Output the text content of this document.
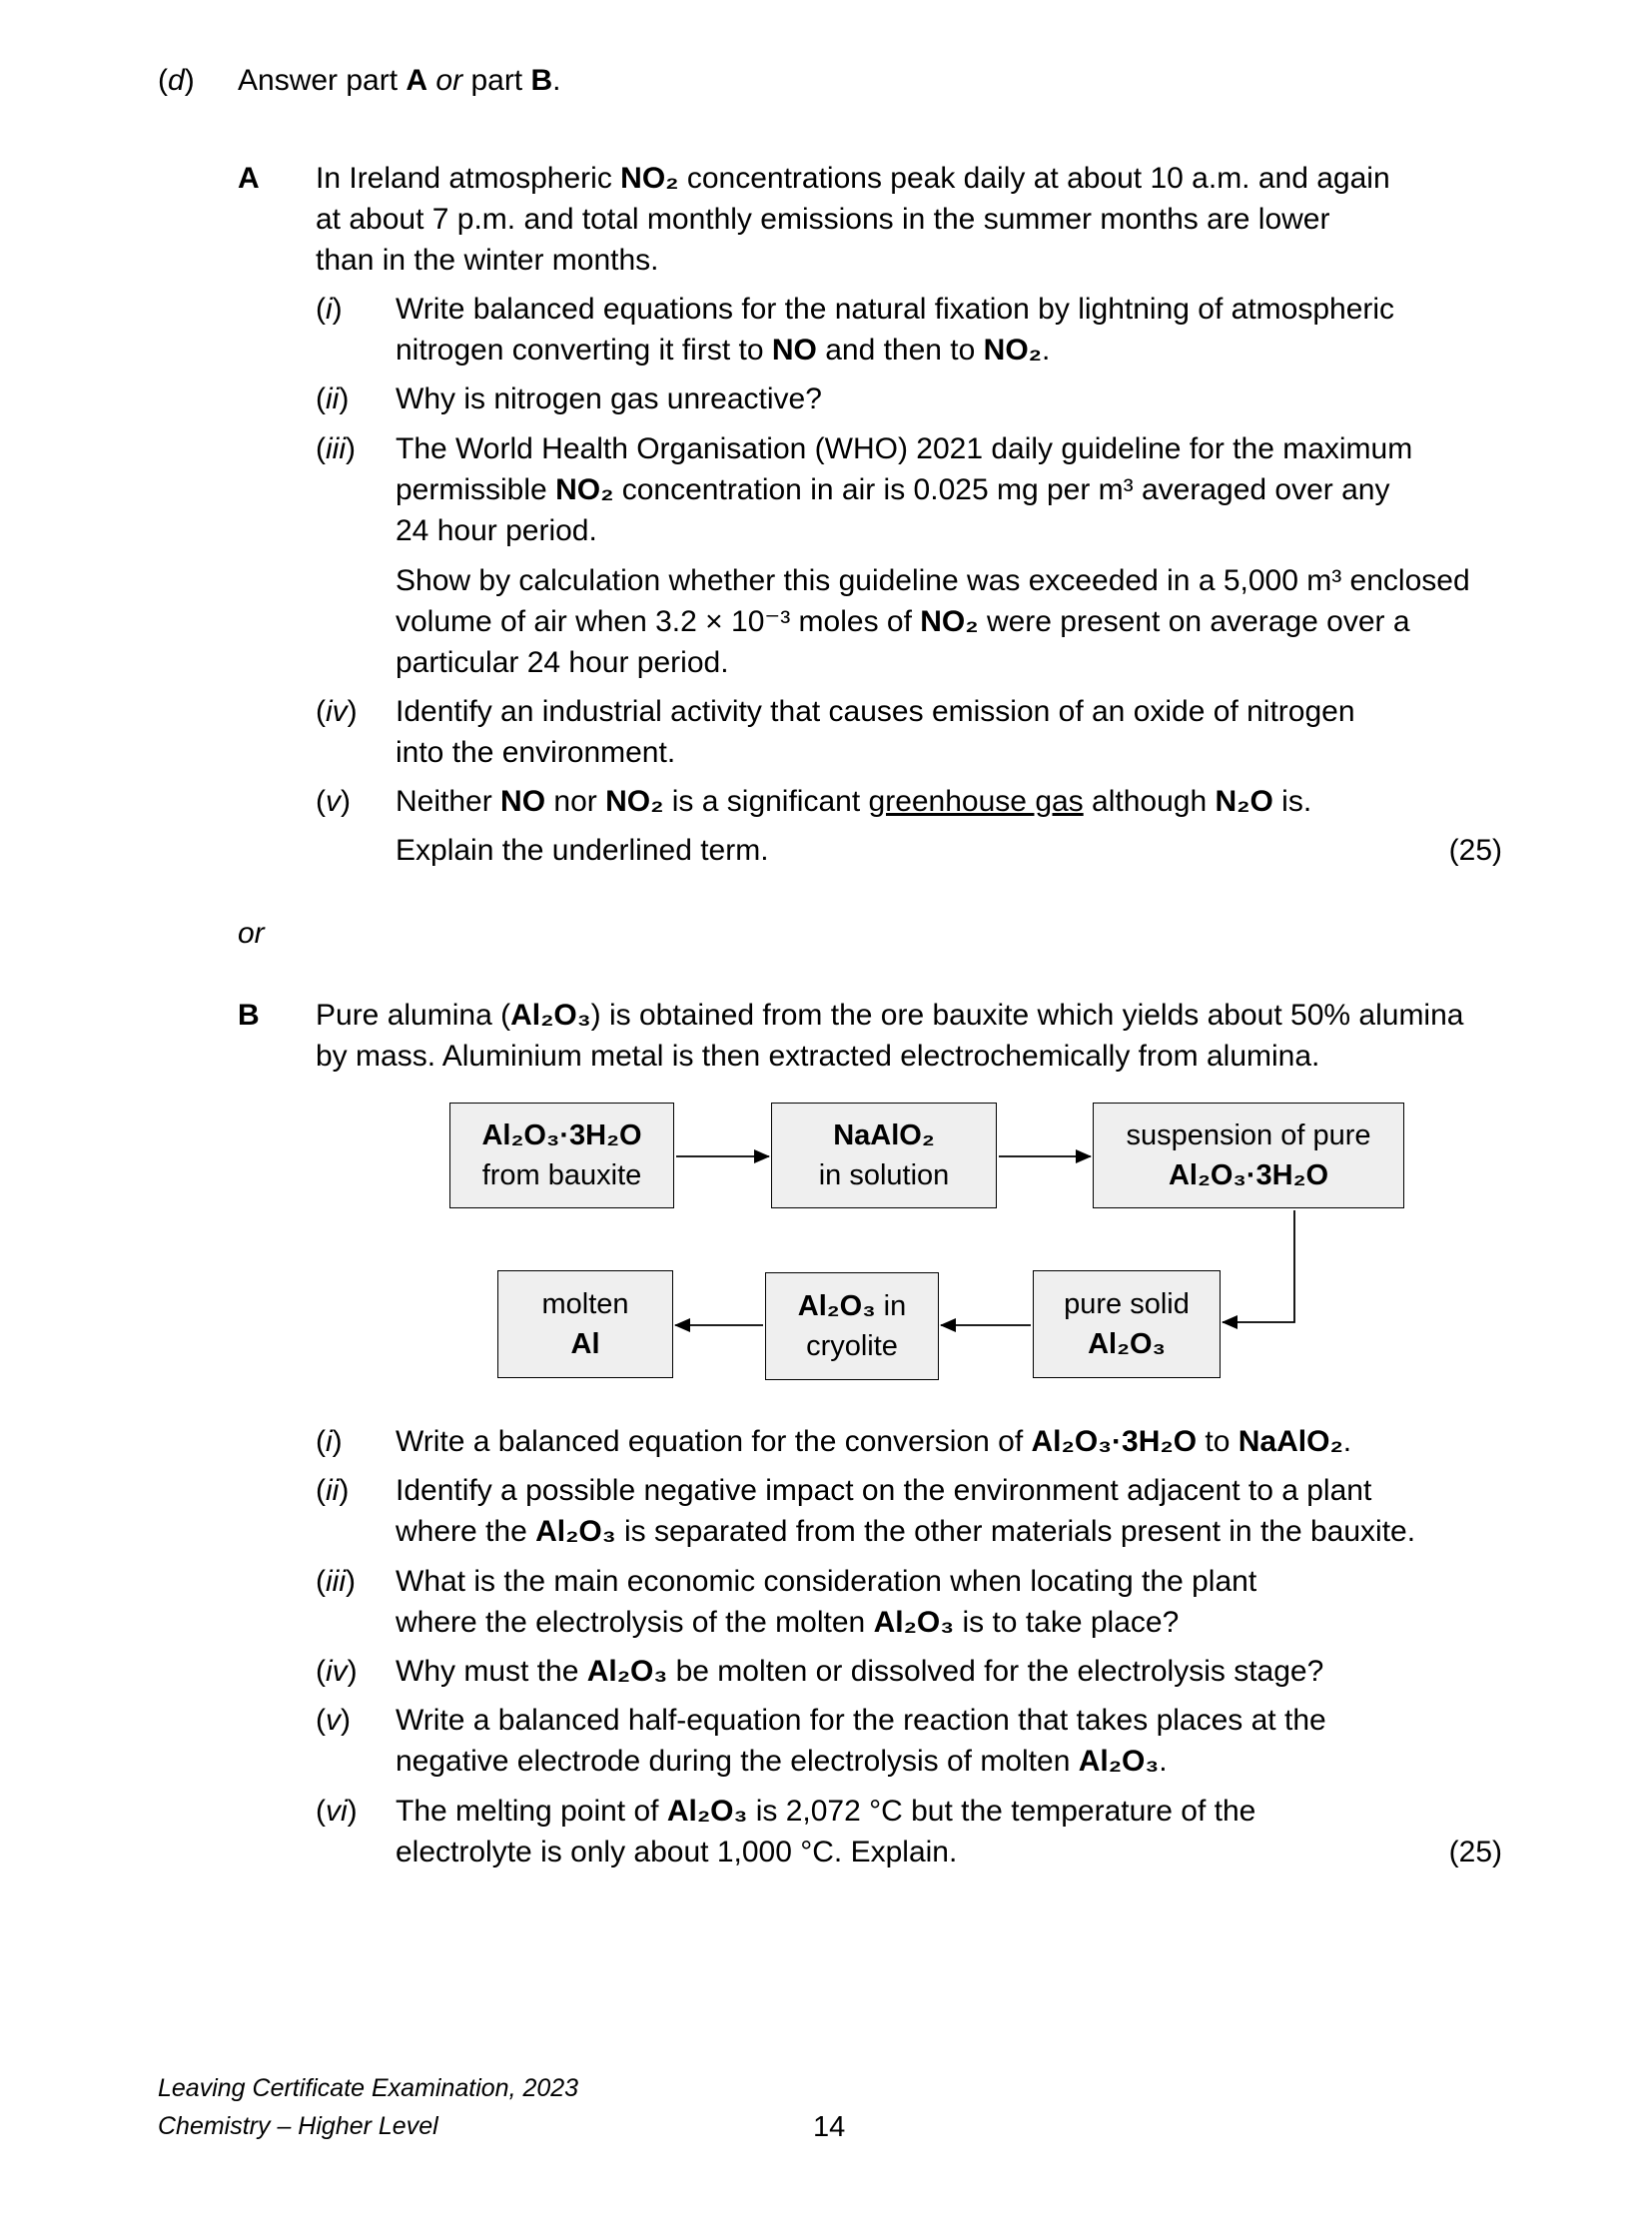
(d) Answer part A or part B.
A In Ireland atmospheric NO₂ concentrations peak daily at about 10 a.m. and again
at about 7 p.m. and total monthly emissions in the summer months are lower
than in the winter months.
(i) Write balanced equations for the natural fixation by lightning of atmospheric
nitrogen converting it first to NO and then to NO₂.
(ii) Why is nitrogen gas unreactive?
(iii) The World Health Organisation (WHO) 2021 daily guideline for the maximum
permissible NO₂ concentration in air is 0.025 mg per m³ averaged over any
24 hour period.
Show by calculation whether this guideline was exceeded in a 5,000 m³ enclosed
volume of air when 3.2 × 10⁻³ moles of NO₂ were present on average over a
particular 24 hour period.
(iv) Identify an industrial activity that causes emission of an oxide of nitrogen
into the environment.
(v) Neither NO nor NO₂ is a significant greenhouse gas although N₂O is.
Explain the underlined term.	(25)
or
B Pure alumina (Al₂O₃) is obtained from the ore bauxite which yields about 50% alumina
by mass. Aluminium metal is then extracted electrochemically from alumina.
Al₂O₃·3H₂O
from bauxite
NaAlO₂
in solution
suspension of pure
Al₂O₃·3H₂O
pure solid
Al₂O₃
Al₂O₃ in
cryolite
molten
Al
(i) Write a balanced equation for the conversion of Al₂O₃·3H₂O to NaAlO₂.
(ii) Identify a possible negative impact on the environment adjacent to a plant
where the Al₂O₃ is separated from the other materials present in the bauxite.
(iii) What is the main economic consideration when locating the plant
where the electrolysis of the molten Al₂O₃ is to take place?
(iv) Why must the Al₂O₃ be molten or dissolved for the electrolysis stage?
(v) Write a balanced half-equation for the reaction that takes places at the
negative electrode during the electrolysis of molten Al₂O₃.
(vi) The melting point of Al₂O₃ is 2,072 °C but the temperature of the
electrolyte is only about 1,000 °C. Explain.	(25)
Leaving Certificate Examination, 2023
Chemistry – Higher Level	14
